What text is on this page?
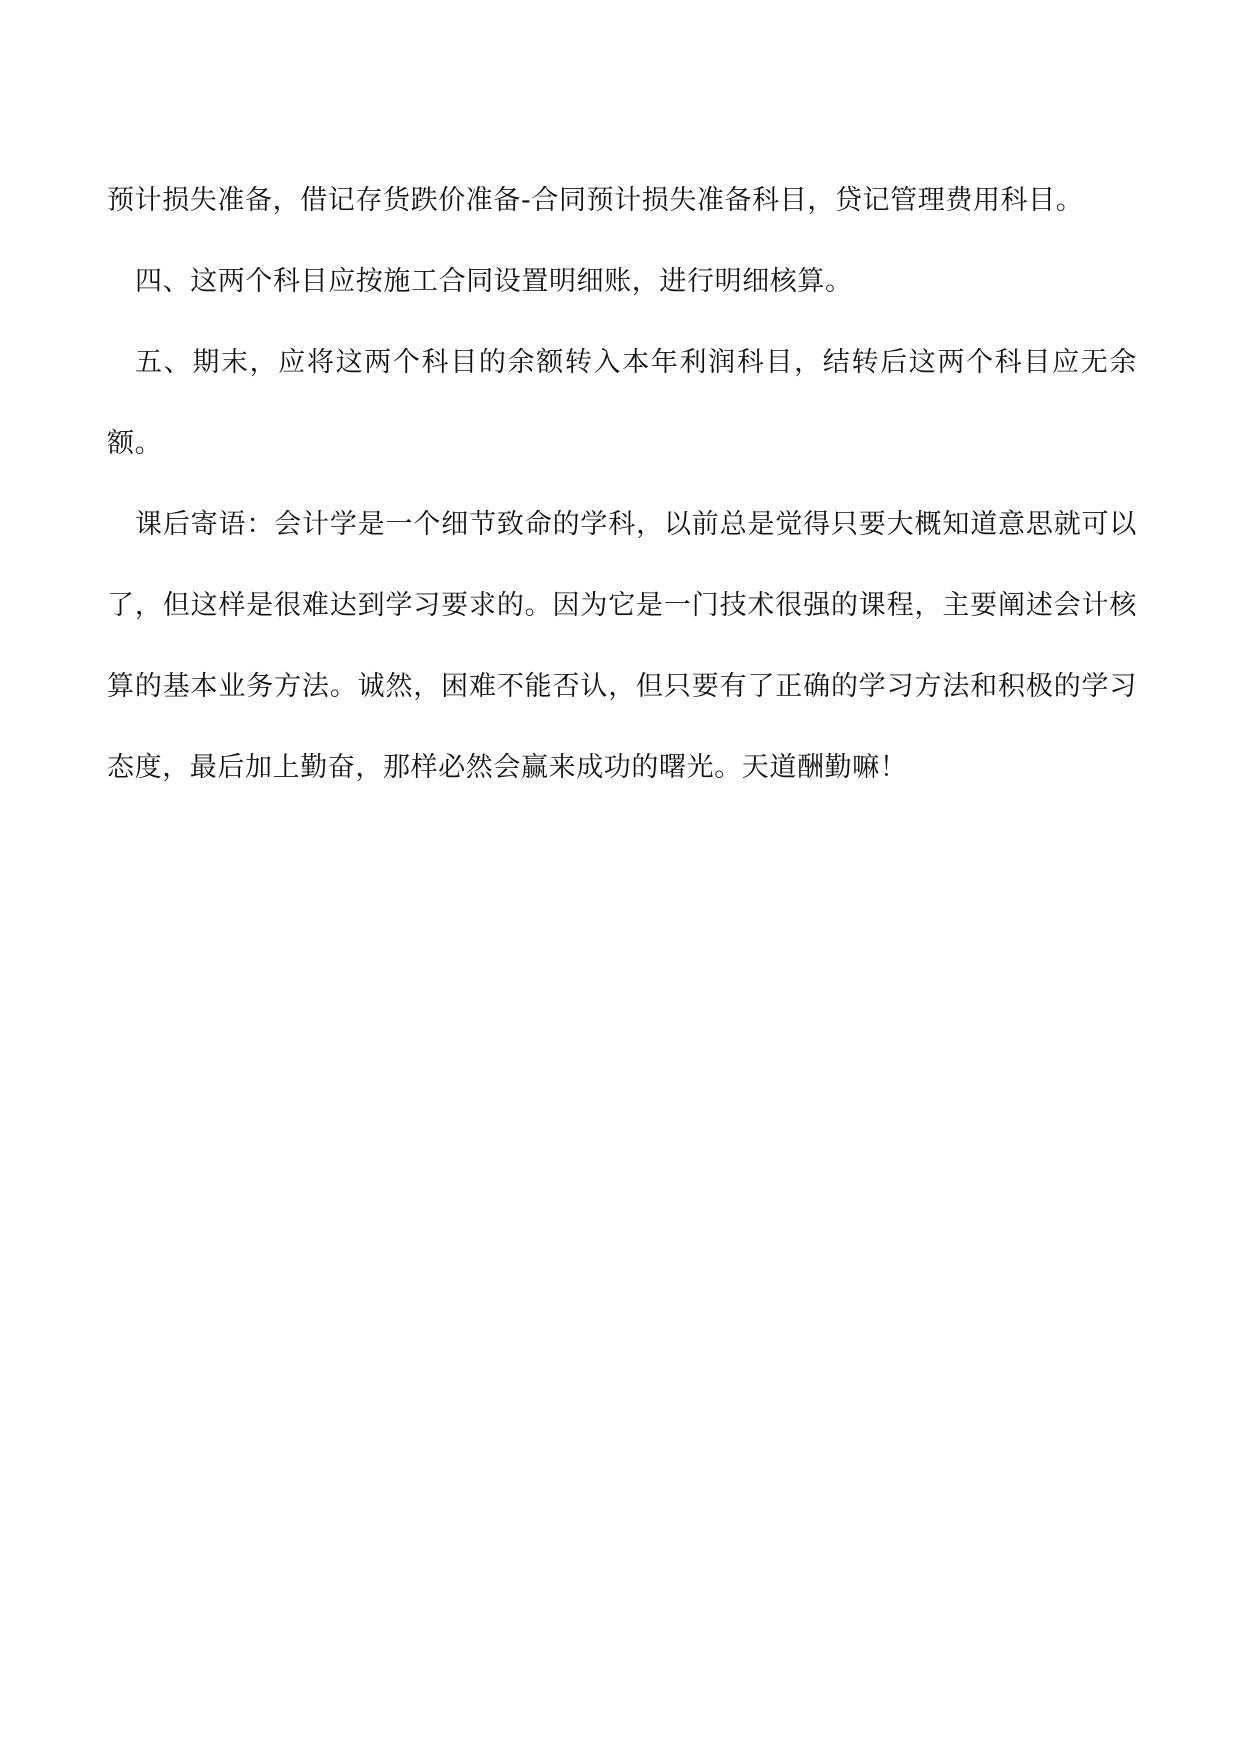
预计损失准备，借记存货跌价准备-合同预计损失准备科目，贷记管理费用科目。

四、这两个科目应按施工合同设置明细账，进行明细核算。

五、期末，应将这两个科目的余额转入本年利润科目，结转后这两个科目应无余额。

课后寄语：会计学是一个细节致命的学科，以前总是觉得只要大概知道意思就可以了，但这样是很难达到学习要求的。因为它是一门技术很强的课程，主要阐述会计核算的基本业务方法。诚然，困难不能否认，但只要有了正确的学习方法和积极的学习态度，最后加上勤奋，那样必然会赢来成功的曙光。天道酬勤嘛！
